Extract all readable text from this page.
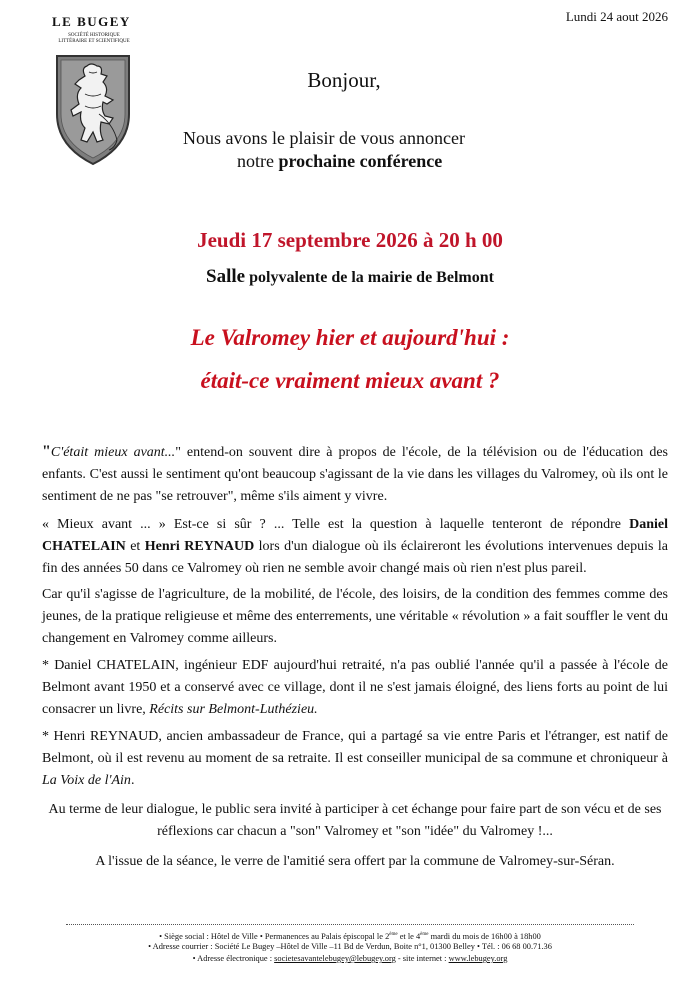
Lundi 24 aout 2026
LE BUGEY
SOCIÉTÉ HISTORIQUE
LITTÉRAIRE ET SCIENTIFIQUE
Bonjour,
Nous avons le plaisir de vous annoncer
notre prochaine conférence
Jeudi 17 septembre 2026 à 20 h 00
Salle polyvalente de la mairie de Belmont
Le Valromey hier et aujourd'hui :
était-ce vraiment mieux avant ?
"C'était mieux avant..." entend-on souvent dire à propos de l'école, de la télévision ou de l'éducation des enfants. C'est aussi le sentiment qu'ont beaucoup s'agissant de la vie dans les villages du Valromey, où ils ont le sentiment de ne pas "se retrouver", même s'ils aiment y vivre.
« Mieux avant ... » Est-ce si sûr ? ... Telle est la question à laquelle tenteront de répondre Daniel CHATELAIN et Henri REYNAUD lors d'un dialogue où ils éclaireront les évolutions intervenues depuis la fin des années 50 dans ce Valromey où rien ne semble avoir changé mais où rien n'est plus pareil.
Car qu'il s'agisse de l'agriculture, de la mobilité, de l'école, des loisirs, de la condition des femmes comme des jeunes, de la pratique religieuse et même des enterrements, une véritable « révolution » a fait souffler le vent du changement en Valromey comme ailleurs.
* Daniel CHATELAIN, ingénieur EDF aujourd'hui retraité, n'a pas oublié l'année qu'il a passée à l'école de Belmont avant 1950 et a conservé avec ce village, dont il ne s'est jamais éloigné, des liens forts au point de lui consacrer un livre, Récits sur Belmont-Luthézieu.
* Henri REYNAUD, ancien ambassadeur de France, qui a partagé sa vie entre Paris et l'étranger, est natif de Belmont, où il est revenu au moment de sa retraite. Il est conseiller municipal de sa commune et chroniqueur à La Voix de l'Ain.
Au terme de leur dialogue, le public sera invité à participer à cet échange pour faire part de son vécu et de ses réflexions car chacun a "son" Valromey et "son "idée" du Valromey !...
A l'issue de la séance, le verre de l'amitié sera offert par la commune de Valromey-sur-Séran.
• Siège social : Hôtel de Ville • Permanences au Palais épiscopal le 2ème et le 4ème mardi du mois de 16h00 à 18h00
• Adresse courrier : Société Le Bugey –Hôtel de Ville –11 Bd de Verdun, Boite n°1, 01300 Belley • Tél. : 06 68 00.71.36
• Adresse électronique : societesavantelebugey@lebugey.org - site internet : www.lebugey.org
